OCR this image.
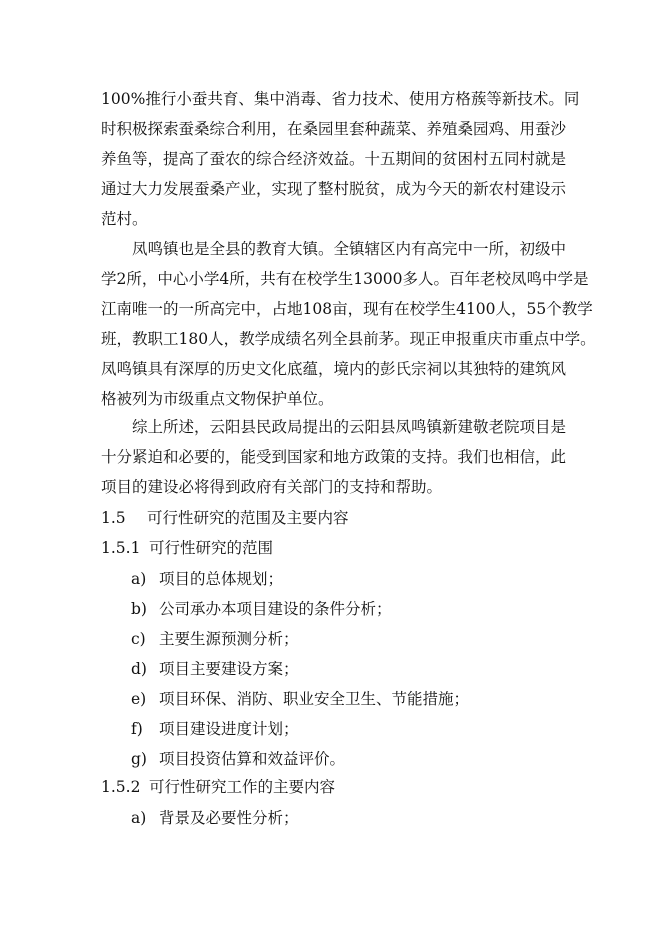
100%推行小蚕共育、集中消毒、省力技术、使用方格蔟等新技术。同
时积极探索蚕桑综合利用，在桑园里套种蔬菜、养殖桑园鸡、用蚕沙
养鱼等，提高了蚕农的综合经济效益。十五期间的贫困村五同村就是
通过大力发展蚕桑产业，实现了整村脱贫，成为今天的新农村建设示
范村。
　　凤鸣镇也是全县的教育大镇。全镇辖区内有高完中一所，初级中
学2所，中心小学4所，共有在校学生13000多人。百年老校凤鸣中学是
江南唯一的一所高完中，占地108亩，现有在校学生4100人，55个教学
班，教职工180人，教学成绩名列全县前茅。现正申报重庆市重点中学。
凤鸣镇具有深厚的历史文化底蕴，境内的彭氏宗祠以其独特的建筑风
格被列为市级重点文物保护单位。
　　综上所述，云阳县民政局提出的云阳县凤鸣镇新建敬老院项目是
十分紧迫和必要的，能受到国家和地方政策的支持。我们也相信，此
项目的建设必将得到政府有关部门的支持和帮助。
1.5 可行性研究的范围及主要内容
1.5.1 可行性研究的范围
a) 项目的总体规划；
b) 公司承办本项目建设的条件分析；
c) 主要生源预测分析；
d) 项目主要建设方案；
e) 项目环保、消防、职业安全卫生、节能措施；
f) 项目建设进度计划；
g) 项目投资估算和效益评价。
1.5.2 可行性研究工作的主要内容
a) 背景及必要性分析；
